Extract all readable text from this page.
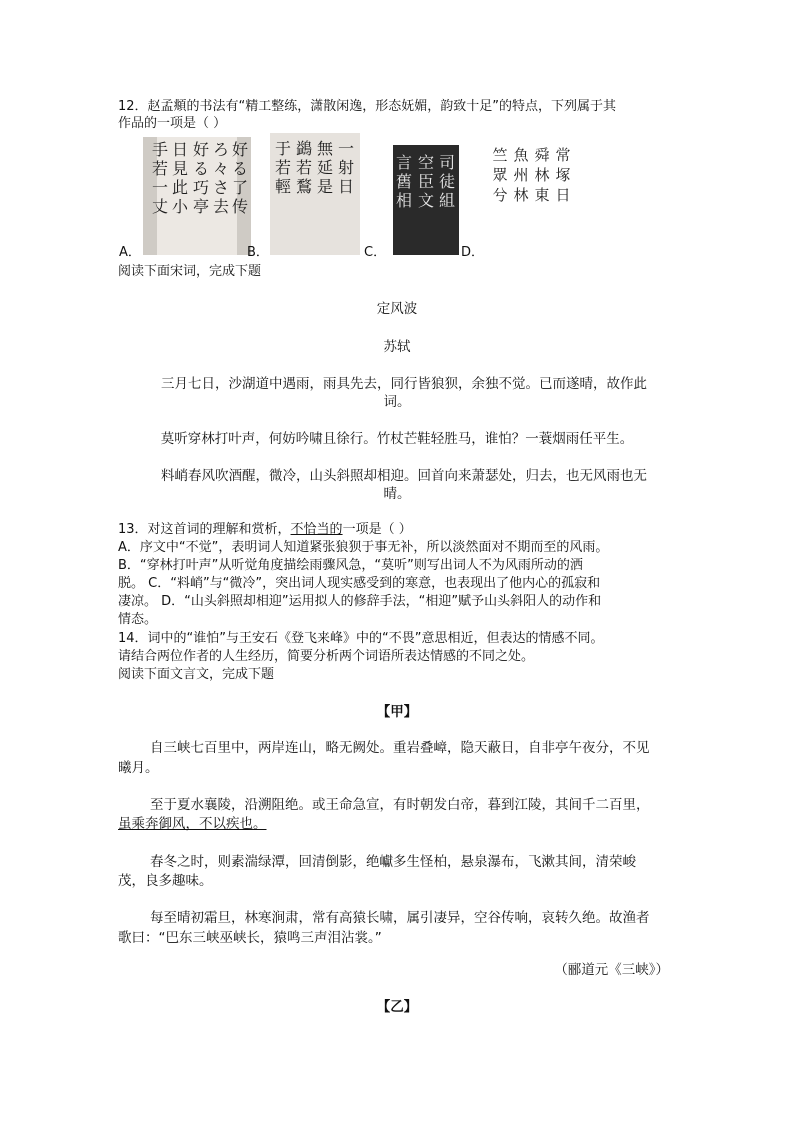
12．赵孟頫的书法有“精工整练，潇散闲逸，形态妩媚，韵致十足”的特点，下列属于其
作品的一项是（ ）
手
若
一
丈
日
見
此
小
好
る
巧
亭
ろ
々
さ
去
好
る
了
传
A．
于
若
輕
鷁
若
鶩
無
延
是
一
射
日
B．
言
舊
相
空
臣
文
司
徒
組
C．
竺
眾
兮
魚
州
林
舜
林
東
常
塚
日
D．
阅读下面宋词，完成下题
定风波
苏轼
三月七日，沙湖道中遇雨，雨具先去，同行皆狼狈，余独不觉。已而遂晴，故作此
词。
莫听穿林打叶声，何妨吟啸且徐行。竹杖芒鞋轻胜马，谁怕？一蓑烟雨任平生。
料峭春风吹酒醒，微冷，山头斜照却相迎。回首向来萧瑟处，归去，也无风雨也无
晴。
13．对这首词的理解和赏析，不恰当的一项是（ ）
A．序文中“不觉”，表明词人知道紧张狼狈于事无补，所以淡然面对不期而至的风雨。
B．“穿林打叶声”从听觉角度描绘雨骤风急，“莫听”则写出词人不为风雨所动的洒
脱。 C．“料峭”与“微冷”，突出词人现实感受到的寒意，也表现出了他内心的孤寂和
凄凉。 D．“山头斜照却相迎”运用拟人的修辞手法，“相迎”赋予山头斜阳人的动作和
情态。
14．词中的“谁怕”与王安石《登飞来峰》中的“不畏”意思相近，但表达的情感不同。
请结合两位作者的人生经历，简要分析两个词语所表达情感的不同之处。
阅读下面文言文，完成下题
【甲】
自三峡七百里中，两岸连山，略无阙处。重岩叠嶂，隐天蔽日，自非亭午夜分，不见
曦月。
至于夏水襄陵，沿溯阻绝。或王命急宣，有时朝发白帝，暮到江陵，其间千二百里，
虽乘奔御风，不以疾也。
春冬之时，则素湍绿潭，回清倒影，绝巘多生怪柏，悬泉瀑布，飞漱其间，清荣峻
茂，良多趣味。
每至晴初霜旦，林寒涧肃，常有高猿长啸，属引凄异，空谷传响，哀转久绝。故渔者
歌曰：“巴东三峡巫峡长，猿鸣三声泪沾裳。”
（郦道元《三峡》）
【乙】
